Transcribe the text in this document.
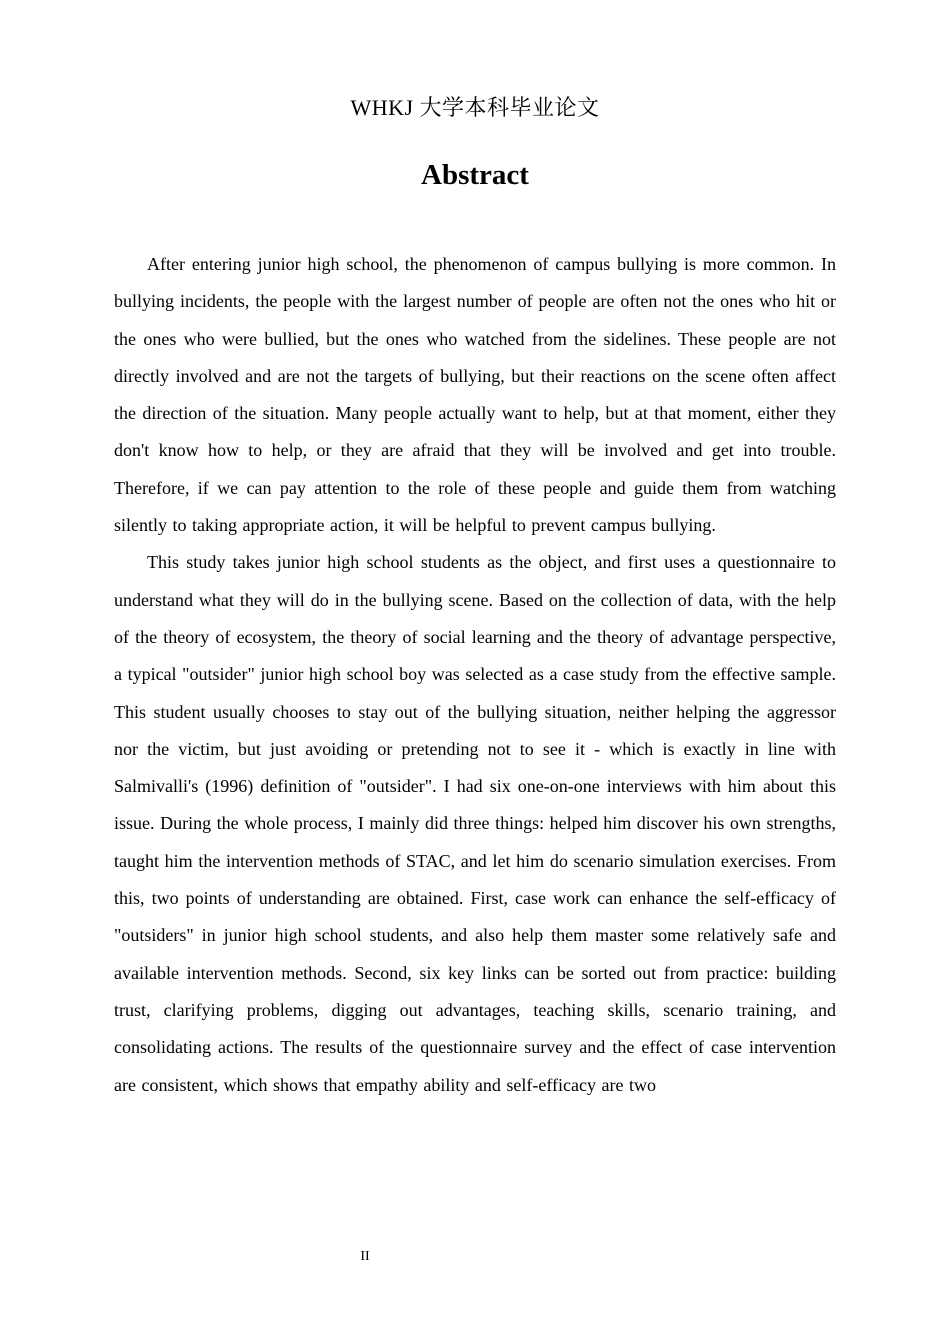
WHKJ 大学本科毕业论文
Abstract

After entering junior high school, the phenomenon of campus bullying is more common. In bullying incidents, the people with the largest number of people are often not the ones who hit or the ones who were bullied, but the ones who watched from the sidelines. These people are not directly involved and are not the targets of bullying, but their reactions on the scene often affect the direction of the situation. Many people actually want to help, but at that moment, either they don't know how to help, or they are afraid that they will be involved and get into trouble. Therefore, if we can pay attention to the role of these people and guide them from watching silently to taking appropriate action, it will be helpful to prevent campus bullying.

This study takes junior high school students as the object, and first uses a questionnaire to understand what they will do in the bullying scene. Based on the collection of data, with the help of the theory of ecosystem, the theory of social learning and the theory of advantage perspective, a typical "outsider" junior high school boy was selected as a case study from the effective sample. This student usually chooses to stay out of the bullying situation, neither helping the aggressor nor the victim, but just avoiding or pretending not to see it - which is exactly in line with Salmivalli's (1996) definition of "outsider". I had six one-on-one interviews with him about this issue. During the whole process, I mainly did three things: helped him discover his own strengths, taught him the intervention methods of STAC, and let him do scenario simulation exercises. From this, two points of understanding are obtained. First, case work can enhance the self-efficacy of "outsiders" in junior high school students, and also help them master some relatively safe and available intervention methods. Second, six key links can be sorted out from practice: building trust, clarifying problems, digging out advantages, teaching skills, scenario training, and consolidating actions. The results of the questionnaire survey and the effect of case intervention are consistent, which shows that empathy ability and self-efficacy are two

II
